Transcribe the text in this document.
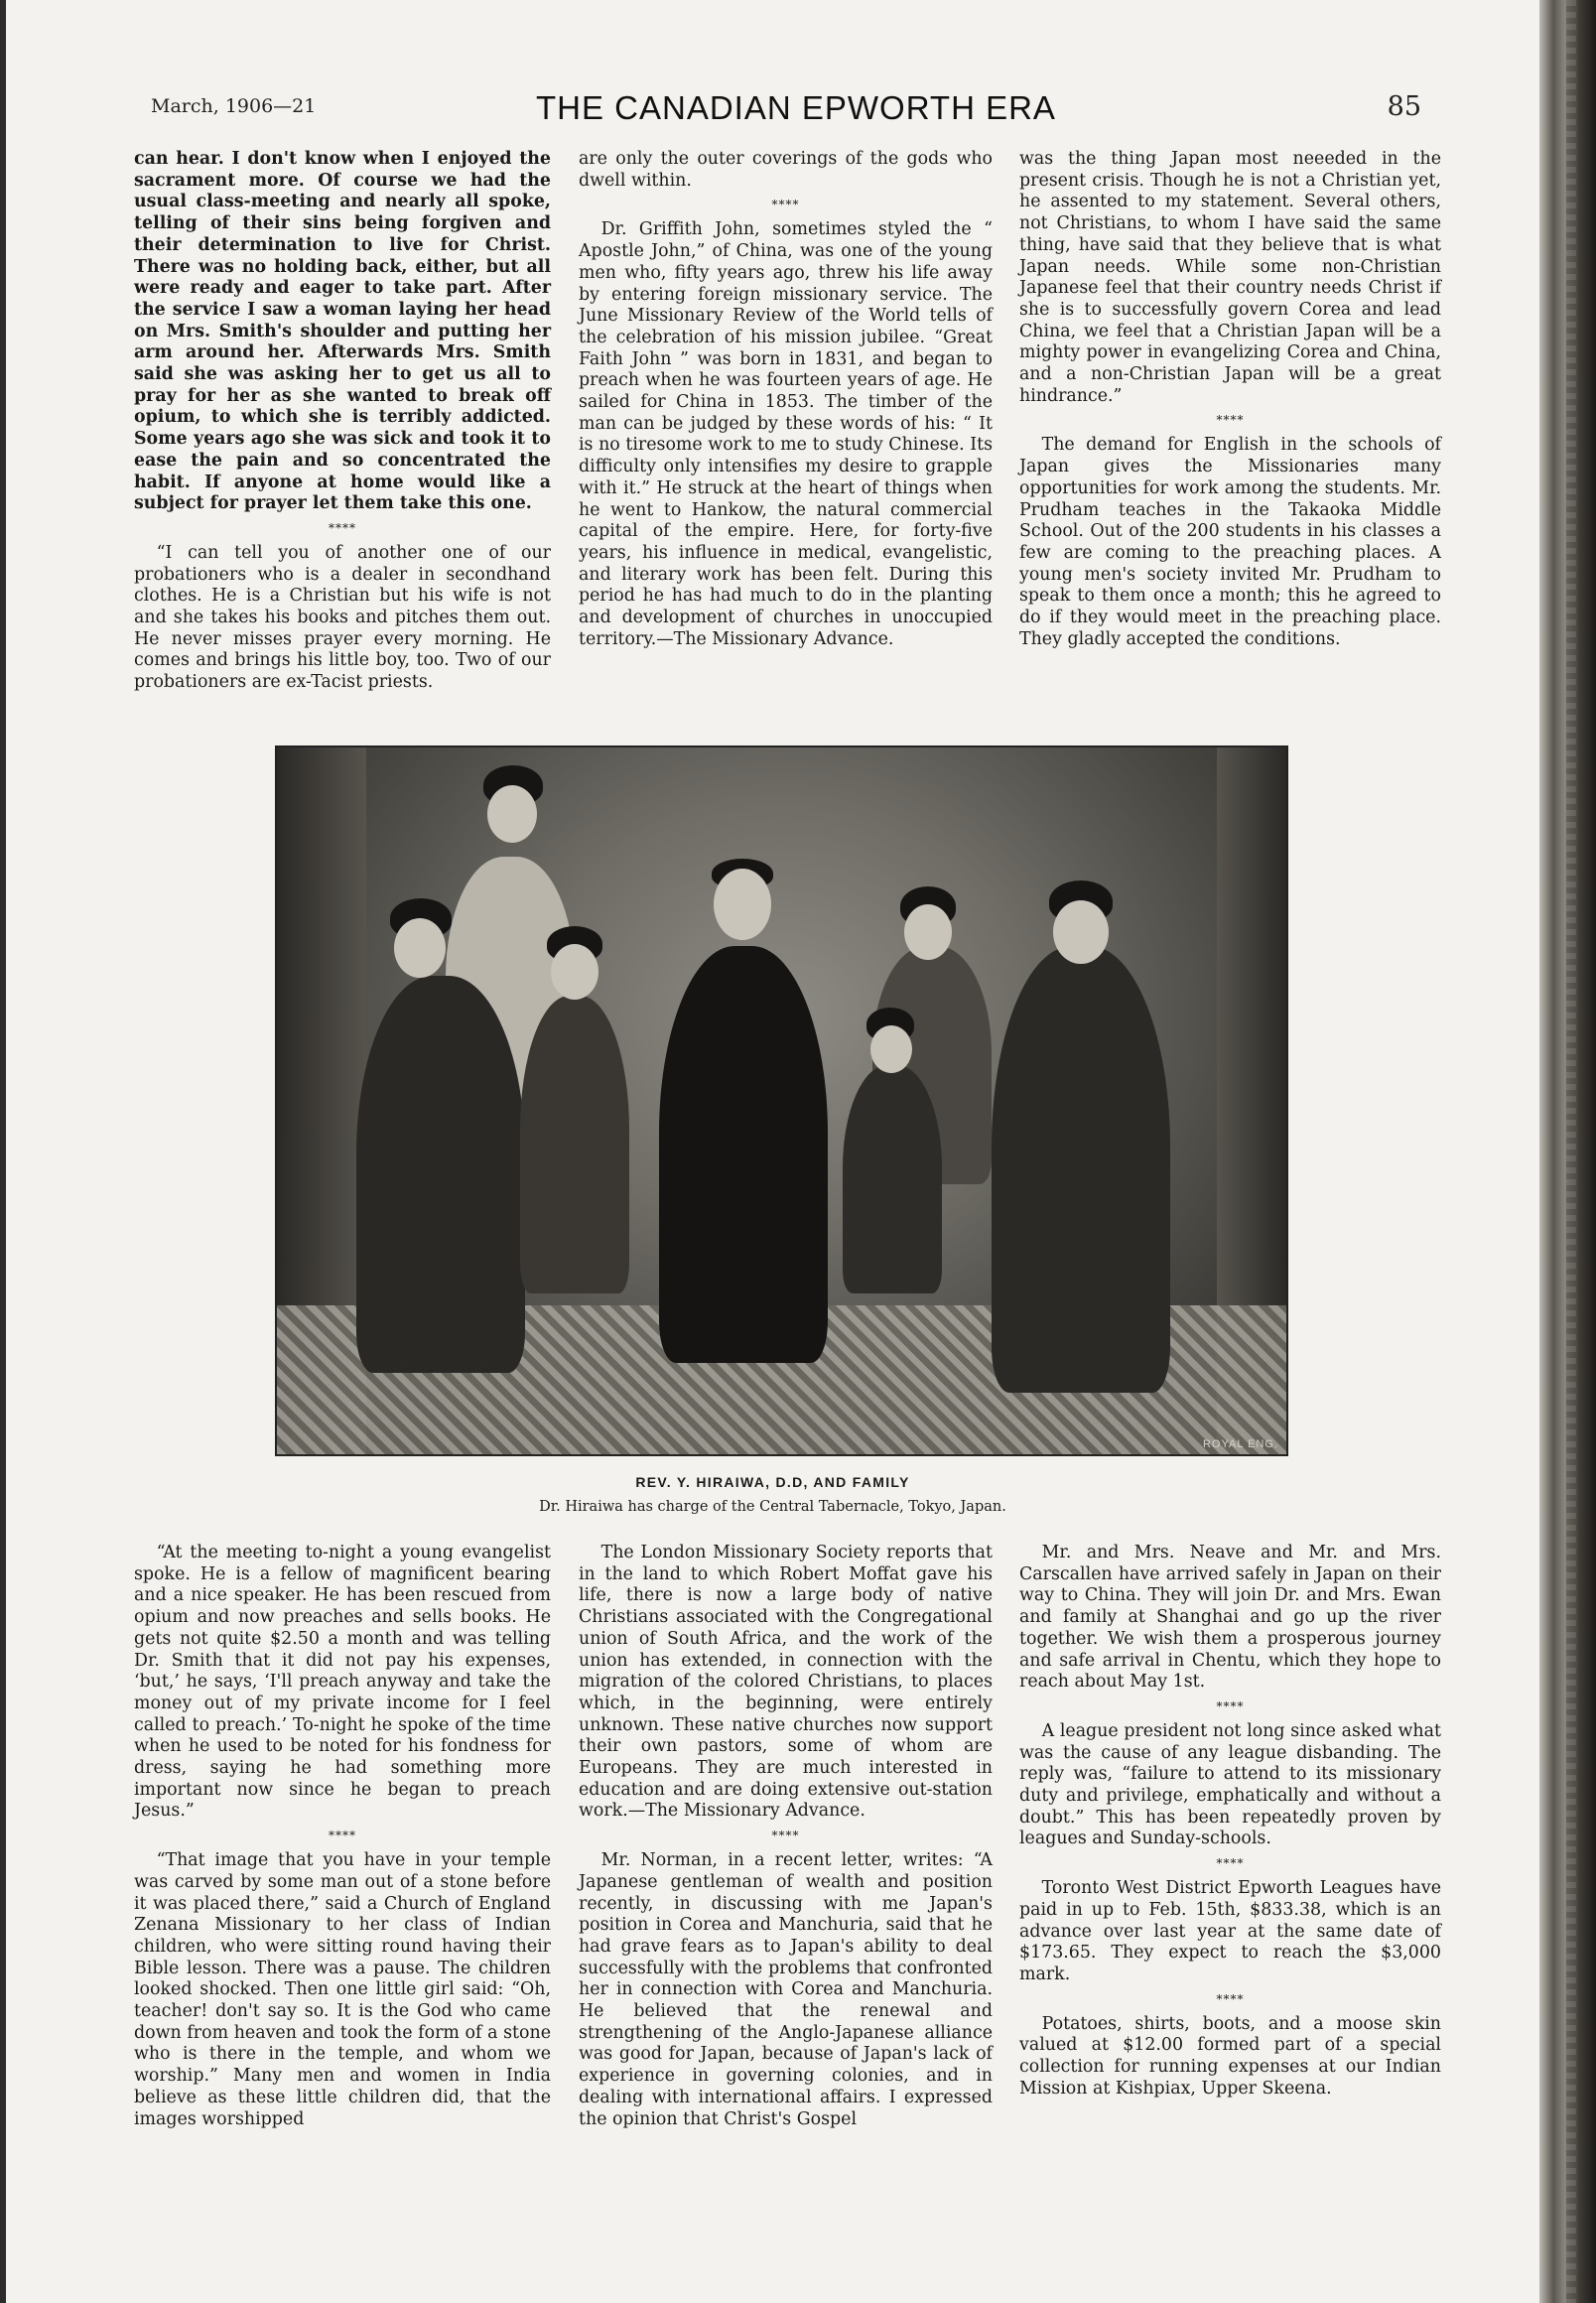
March, 1906—21	THE CANADIAN EPWORTH ERA	85

can hear. I don't know when I enjoyed the sacrament more. Of course we had the usual class-meeting and nearly all spoke, telling of their sins being forgiven and their determination to live for Christ. There was no holding back, either, but all were ready and eager to take part. After the service I saw a woman laying her head on Mrs. Smith's shoulder and putting her arm around her. Afterwards Mrs. Smith said she was asking her to get us all to pray for her as she wanted to break off opium, to which she is terribly addicted. Some years ago she was sick and took it to ease the pain and so concentrated the habit. If anyone at home would like a subject for prayer let them take this one.

****

“I can tell you of another one of our probationers who is a dealer in secondhand clothes. He is a Christian but his wife is not and she takes his books and pitches them out. He never misses prayer every morning. He comes and brings his little boy, too. Two of our probationers are ex-Tacist priests.

are only the outer coverings of the gods who dwell within.

****

Dr. Griffith John, sometimes styled the “ Apostle John,” of China, was one of the young men who, fifty years ago, threw his life away by entering foreign missionary service. The June Missionary Review of the World tells of the celebration of his mission jubilee. “Great Faith John ” was born in 1831, and began to preach when he was fourteen years of age. He sailed for China in 1853. The timber of the man can be judged by these words of his: “ It is no tiresome work to me to study Chinese. Its difficulty only intensifies my desire to grapple with it.” He struck at the heart of things when he went to Hankow, the natural commercial capital of the empire. Here, for forty-five years, his influence in medical, evangelistic, and literary work has been felt. During this period he has had much to do in the planting and development of churches in unoccupied territory.—The Missionary Advance.

was the thing Japan most neeeded in the present crisis. Though he is not a Christian yet, he assented to my statement. Several others, not Christians, to whom I have said the same thing, have said that they believe that is what Japan needs. While some non-Christian Japanese feel that their country needs Christ if she is to successfully govern Corea and lead China, we feel that a Christian Japan will be a mighty power in evangelizing Corea and China, and a non-Christian Japan will be a great hindrance.”

****

The demand for English in the schools of Japan gives the Missionaries many opportunities for work among the students. Mr. Prudham teaches in the Takaoka Middle School. Out of the 200 students in his classes a few are coming to the preaching places. A young men's society invited Mr. Prudham to speak to them once a month; this he agreed to do if they would meet in the preaching place. They gladly accepted the conditions.

ROYAL ENG.
REV. Y. HIRAIWA, D.D, AND FAMILY
Dr. Hiraiwa has charge of the Central Tabernacle, Tokyo, Japan.

“At the meeting to-night a young evangelist spoke. He is a fellow of magnificent bearing and a nice speaker. He has been rescued from opium and now preaches and sells books. He gets not quite $2.50 a month and was telling Dr. Smith that it did not pay his expenses, ‘but,’ he says, ‘I'll preach anyway and take the money out of my private income for I feel called to preach.’ To-night he spoke of the time when he used to be noted for his fondness for dress, saying he had something more important now since he began to preach Jesus.”

****

“That image that you have in your temple was carved by some man out of a stone before it was placed there,” said a Church of England Zenana Missionary to her class of Indian children, who were sitting round having their Bible lesson. There was a pause. The children looked shocked. Then one little girl said: “Oh, teacher! don't say so. It is the God who came down from heaven and took the form of a stone who is there in the temple, and whom we worship.” Many men and women in India believe as these little children did, that the images worshipped

The London Missionary Society reports that in the land to which Robert Moffat gave his life, there is now a large body of native Christians associated with the Congregational union of South Africa, and the work of the union has extended, in connection with the migration of the colored Christians, to places which, in the beginning, were entirely unknown. These native churches now support their own pastors, some of whom are Europeans. They are much interested in education and are doing extensive out-station work.—The Missionary Advance.

****

Mr. Norman, in a recent letter, writes: “A Japanese gentleman of wealth and position recently, in discussing with me Japan's position in Corea and Manchuria, said that he had grave fears as to Japan's ability to deal successfully with the problems that confronted her in connection with Corea and Manchuria. He believed that the renewal and strengthening of the Anglo-Japanese alliance was good for Japan, because of Japan's lack of experience in governing colonies, and in dealing with international affairs. I expressed the opinion that Christ's Gospel

Mr. and Mrs. Neave and Mr. and Mrs. Carscallen have arrived safely in Japan on their way to China. They will join Dr. and Mrs. Ewan and family at Shanghai and go up the river together. We wish them a prosperous journey and safe arrival in Chentu, which they hope to reach about May 1st.

****

A league president not long since asked what was the cause of any league disbanding. The reply was, “failure to attend to its missionary duty and privilege, emphatically and without a doubt.” This has been repeatedly proven by leagues and Sunday-schools.

****

Toronto West District Epworth Leagues have paid in up to Feb. 15th, $833.38, which is an advance over last year at the same date of $173.65. They expect to reach the $3,000 mark.

****

Potatoes, shirts, boots, and a moose skin valued at $12.00 formed part of a special collection for running expenses at our Indian Mission at Kishpiax, Upper Skeena.
